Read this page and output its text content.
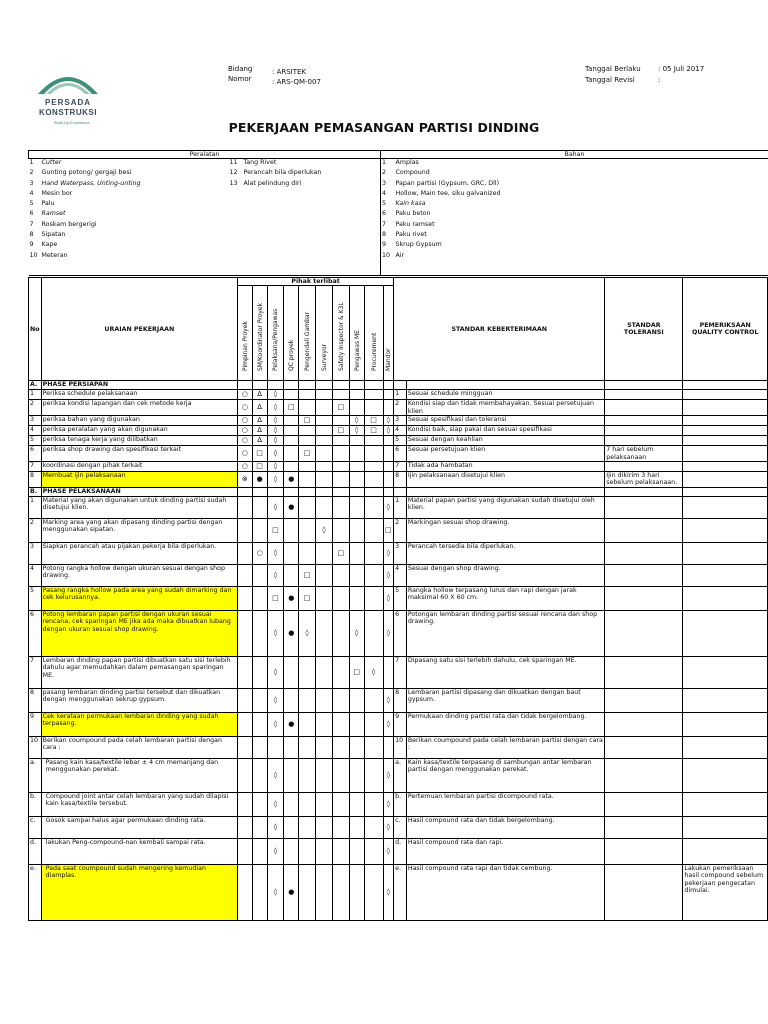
PERSADA
KONSTRUKSI
Build Up Excellence
Bidang	: ARSITEK
Nomor	: ARS-QM-007
Tanggal Berlaku : 05 Juli 2017
Tanggal Revisi	:
PEKERJAAN PEMASANGAN PARTISI DINDING
Peralatan				Bahan	
1	Cutter	11	Tang Rivet	1	Amplas
2	Gunting potong/ gergaji besi	12	Perancah bila diperlukan	2	Compound
3	Hand Waterpass, Unting-unting	13	Alat pelindung diri	3	Papan partisi (Gypsum, GRC, Dll)
4	Mesin bor			4	Hollow, Main tee, siku galvanized
5	Palu			5	Kain kasa
6	Ramset			6	Paku beton
7	Roskam bergerigi			7	Paku ramset
8	Sipatan			8	Paku rivet
9	Kape			9	Skrup Gypsum
10	Meteran			10	Air

No	URAIAN PEKERJAAN	Pihak terlibat										STANDAR KEBERTERIMAAN		STANDAR TOLERANSI	PEMERIKSAAN QUALITY CONTROL

		Pimpinan Proyek	SM/Koordinator Proyek	Pelaksana/Pengawas	QC proyek	Pengendali Gambar	Surveyor	Safety Inspector & K3L	Pengawas ME	Procurement	Mandor				

A.	PHASE PERSIAPAN														
1	Periksa schedule pelaksanaan	○	∆	◊								1	Sesuai schedule mingguan		
2	periksa kondisi lapangan dan cek metode kerja	○	∆	◊	□			□				2	Kondisi siap dan tidak membahayakan. Sesuai persetujuan klien		
3	periksa bahan yang digunakan	○	∆	◊		□			◊	□	◊	3	Sesuai spesifikasi dan toleransi		
4	periksa peralatan yang akan digunakan	○	∆	◊				□	◊	□	◊	4	Kondisi baik, siap pakai dan sesuai spesifikasi		
5	periksa tenaga kerja yang dilibatkan	○	∆	◊								5	Sesuai dengan keahlian		
6	periksa shop drawing dan spesifikasi terkait	○	□	◊		□						6	Sesuai persetujuan klien	7 hari sebelum pelaksanaan	
7	koordinasi dengan pihak terkait	○	□	◊								7	Tidak ada hambatan		
8	Membuat ijin pelaksanaan	⊗	●	◊	●							8	Ijin pelaksanaan disetujui klien	Ijin dikirim 3 hari sebelum pelaksanaan.	
B.	PHASE PELAKSANAAN														
1	Material yang akan digunakan untuk dinding partisi sudah disetujui klien.			◊	●						◊	1	Material papan partisi yang digunakan sudah disetujui oleh klien.		
2	Marking area yang akan dipasang dinding partisi dengan menggunakan sipatan.			□			◊				□	2	Markingan sesuai shop drawing.		
3	Siapkan perancah atau pijakan pekerja bila diperlukan.		○	◊				□			◊	3	Perancah tersedia bila diperlukan.		
4	Potong rangka hollow dengan ukuran sesuai dengan shop drawing.			◊		□					◊	4	Sesuai dengan shop drawing.		
5	Pasang rangka hollow pada area yang sudah dimarking dan cek kelurusannya.			□	●	□					◊	5	Rangka hollow terpasang lurus dan rapi dengan jarak maksimal 60 X 60 cm.		
6	Potong lembaran papan partisi dengan ukuran sesuai rencana, cek sparingan ME jika ada maka dibuatkan lubang dengan ukuran sesuai shop drawing.			◊	●	◊			◊		◊	6	Potongan lembaran dinding partisi sesuai rencana dan shop drawing.		
7	Lembaran dinding papan partisi dibuatkan satu sisi terlebih dahulu agar memudahkan dalam pemasangan sparingan ME.			◊					□	◊		7	Dipasang satu sisi terlebih dahulu, cek sparingan ME.		
8	pasang lembaran dinding partisi tersebut dan dikuatkan dengan menggunakan sekrup gypsum.			◊							◊	8	Lembaran partisi dipasang dan dikuatkan dengan baut gypsum.		
9	Cek kerataan permukaan lembaran dinding yang sudah terpasang.			◊	●						◊	9	Permukaan dinding partisi rata dan tidak bergelombang.		
10	Berikan coumpound pada celah lembaran partisi dengan cara :											10	Berikan coumpound pada celah lembaran partisi dengan cara :		
a.	Pasang kain kasa/textile lebar ± 4 cm memanjang dan menggunakan perekat.			◊							◊	a.	Kain kasa/textile terpasang di sambungan antar lembaran partisi dengan menggunakan perekat.		
b.	Compound joint antar celah lembaran yang sudah dilapisi kain kasa/textile tersebut.			◊							◊	b.	Pertemuan lembaran partisi dicompound rata.		
c.	Gosok sampai halus agar permukaan dinding rata.			◊							◊	c.	Hasil compound rata dan tidak bergelombang.		
d.	lakukan Peng-compound-nan kembali sampai rata.			◊							◊	d.	Hasil compound rata dan rapi.		
e.	Pada saat coumpound sudah mengering kemudian diamplas.			◊	●						◊	e.	Hasil compound rata rapi dan tidak cembung.		Lakukan pemeriksaan hasil compound sebelum pekerjaan pengecatan dimulai.
